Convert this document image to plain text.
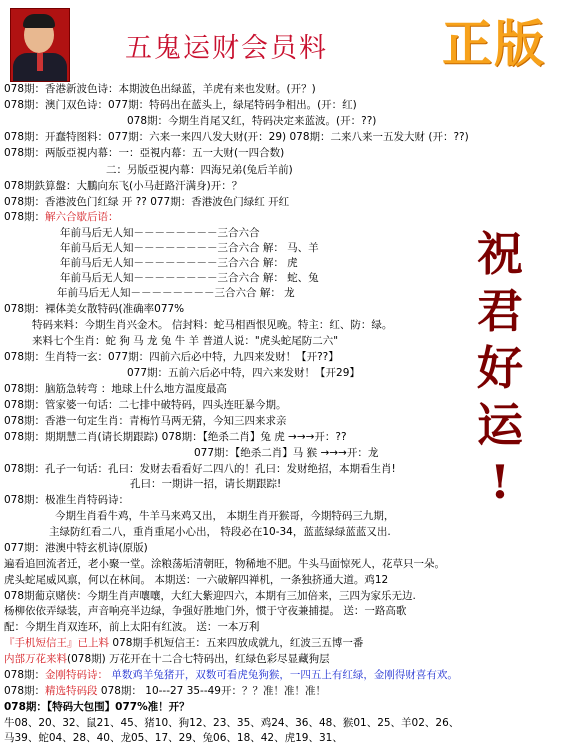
五鬼运财会员料 正版
祝
君
好
运
!
078期：香港新波色诗：本期波色出绿蓝，羊虎有来也发财。(开？)
078期：澳门双色诗：077期：特码出在蓝头上，绿尾特码争相出。(开：红)
078期：今期生肖尾又红，特码决定来蓝波。(开：??)
078期：开蠢特图料：077期：六来一来四八发大财(开：29) 078期：二来八来一五发大财 (开：??)
078期：两版亞視内幕：一：亞視内幕：五一大财(一四合数)
二：另版亞視内幕：四海兄弟(兔后羊前)
078期鉄算盤：大鵬向东飞(小马赶路汗满身)开：？
078期：香港波色门红绿 开 ?? 077期：香港波色门绿红 开红
078期：解六合歇后语：
年前马后无人知－－－－－－－－三合六合
年前马后无人知－－－－－－－－三合六合 解： 马、羊
年前马后无人知－－－－－－－－三合六合 解： 虎
年前马后无人知－－－－－－－－三合六合 解： 蛇、兔
年前马后无人知－－－－－－－－三合六合 解： 龙
078期：裸体美女散特码(准确率077%
特码来料：今期生肖兴金木。 信封料：蛇马相酉恨见晚。特主：红、防：绿。
来料七个生肖：蛇 狗 马 龙 兔 牛 羊 普道人说："虎头蛇尾防二六"
078期：生肖特一玄：077期：四前六后必中特，九四来发财！【开??】
077期：五前六后必中特，四六来发财！【开29】
078期：脑筋急转弯 ：地球上什么地方温度最高
078期：管家婆一句话：二七排中破特码，四头连旺暴今期。
078期：香港一句定生肖：青梅竹马两无猜，今知三四来求亲
078期：期期慧二肖(请长期跟踪) 078期：【绝杀二肖】兔 虎 →→→开：??
077期：【绝杀二肖】马 猴 →→→开：龙
078期：孔子一句话：孔曰：发财去看看好二四八的！孔曰：发财绝招，本期看生肖!
孔曰：一期讲一招，请长期跟踪!
078期：极准生肖特码诗：
今期生肖看牛鸡，牛羊马来鸡又出， 本期生肖开猴哥，今期特码三九期，
主绿防红看二八，重肖重尾小心出， 特段必在10-34，蓝蓝绿绿蓝蓝又出.
077期：港澳中特玄机诗(原版)
遍看追回流者迁，老小聚一堂。涂粮荡垢清朝旺，物稀地不肥。牛头马面惊死人，花草只一朵。
虎头蛇尾威风禀，何以在林间。 本期送：一六破解四禅机，一条独挤通大道。鸡12
078期葡京赌侠：今期生肖声嚷嚷，大红大紫迎四六，本期有三加倍来，三四为家乐无边.
杨柳依依弄绿装，声音响亮半边绿，争强好胜地门外，惯于守夜兼捕提。 送：一路高歌
配：今期生肖双连环，前上太阳有红波。 送：一本万利
『手机短信王』已上料 078期手机短信王：五来四放成就九，红波三五博一番
内部万花来料(078期) 万花开在十二合七特码出，红绿色彩尽显藏狗层
078期：金刚特码诗： 单数鸡羊兔猪开，双数可看虎兔狗猴，一四五上有红绿，金刚得财喜有欢。
078期：精选特码段 078期： 10---27 35--49开：？？准！准！准！
078期：【特码大包围】077%准！开？
牛08、20、32、鼠21、45、猪10、狗12、23、35、鸡24、36、48、猴01、25、羊02、26、
马39、蛇04、28、40、龙05、17、29、兔06、18、42、虎19、31、
